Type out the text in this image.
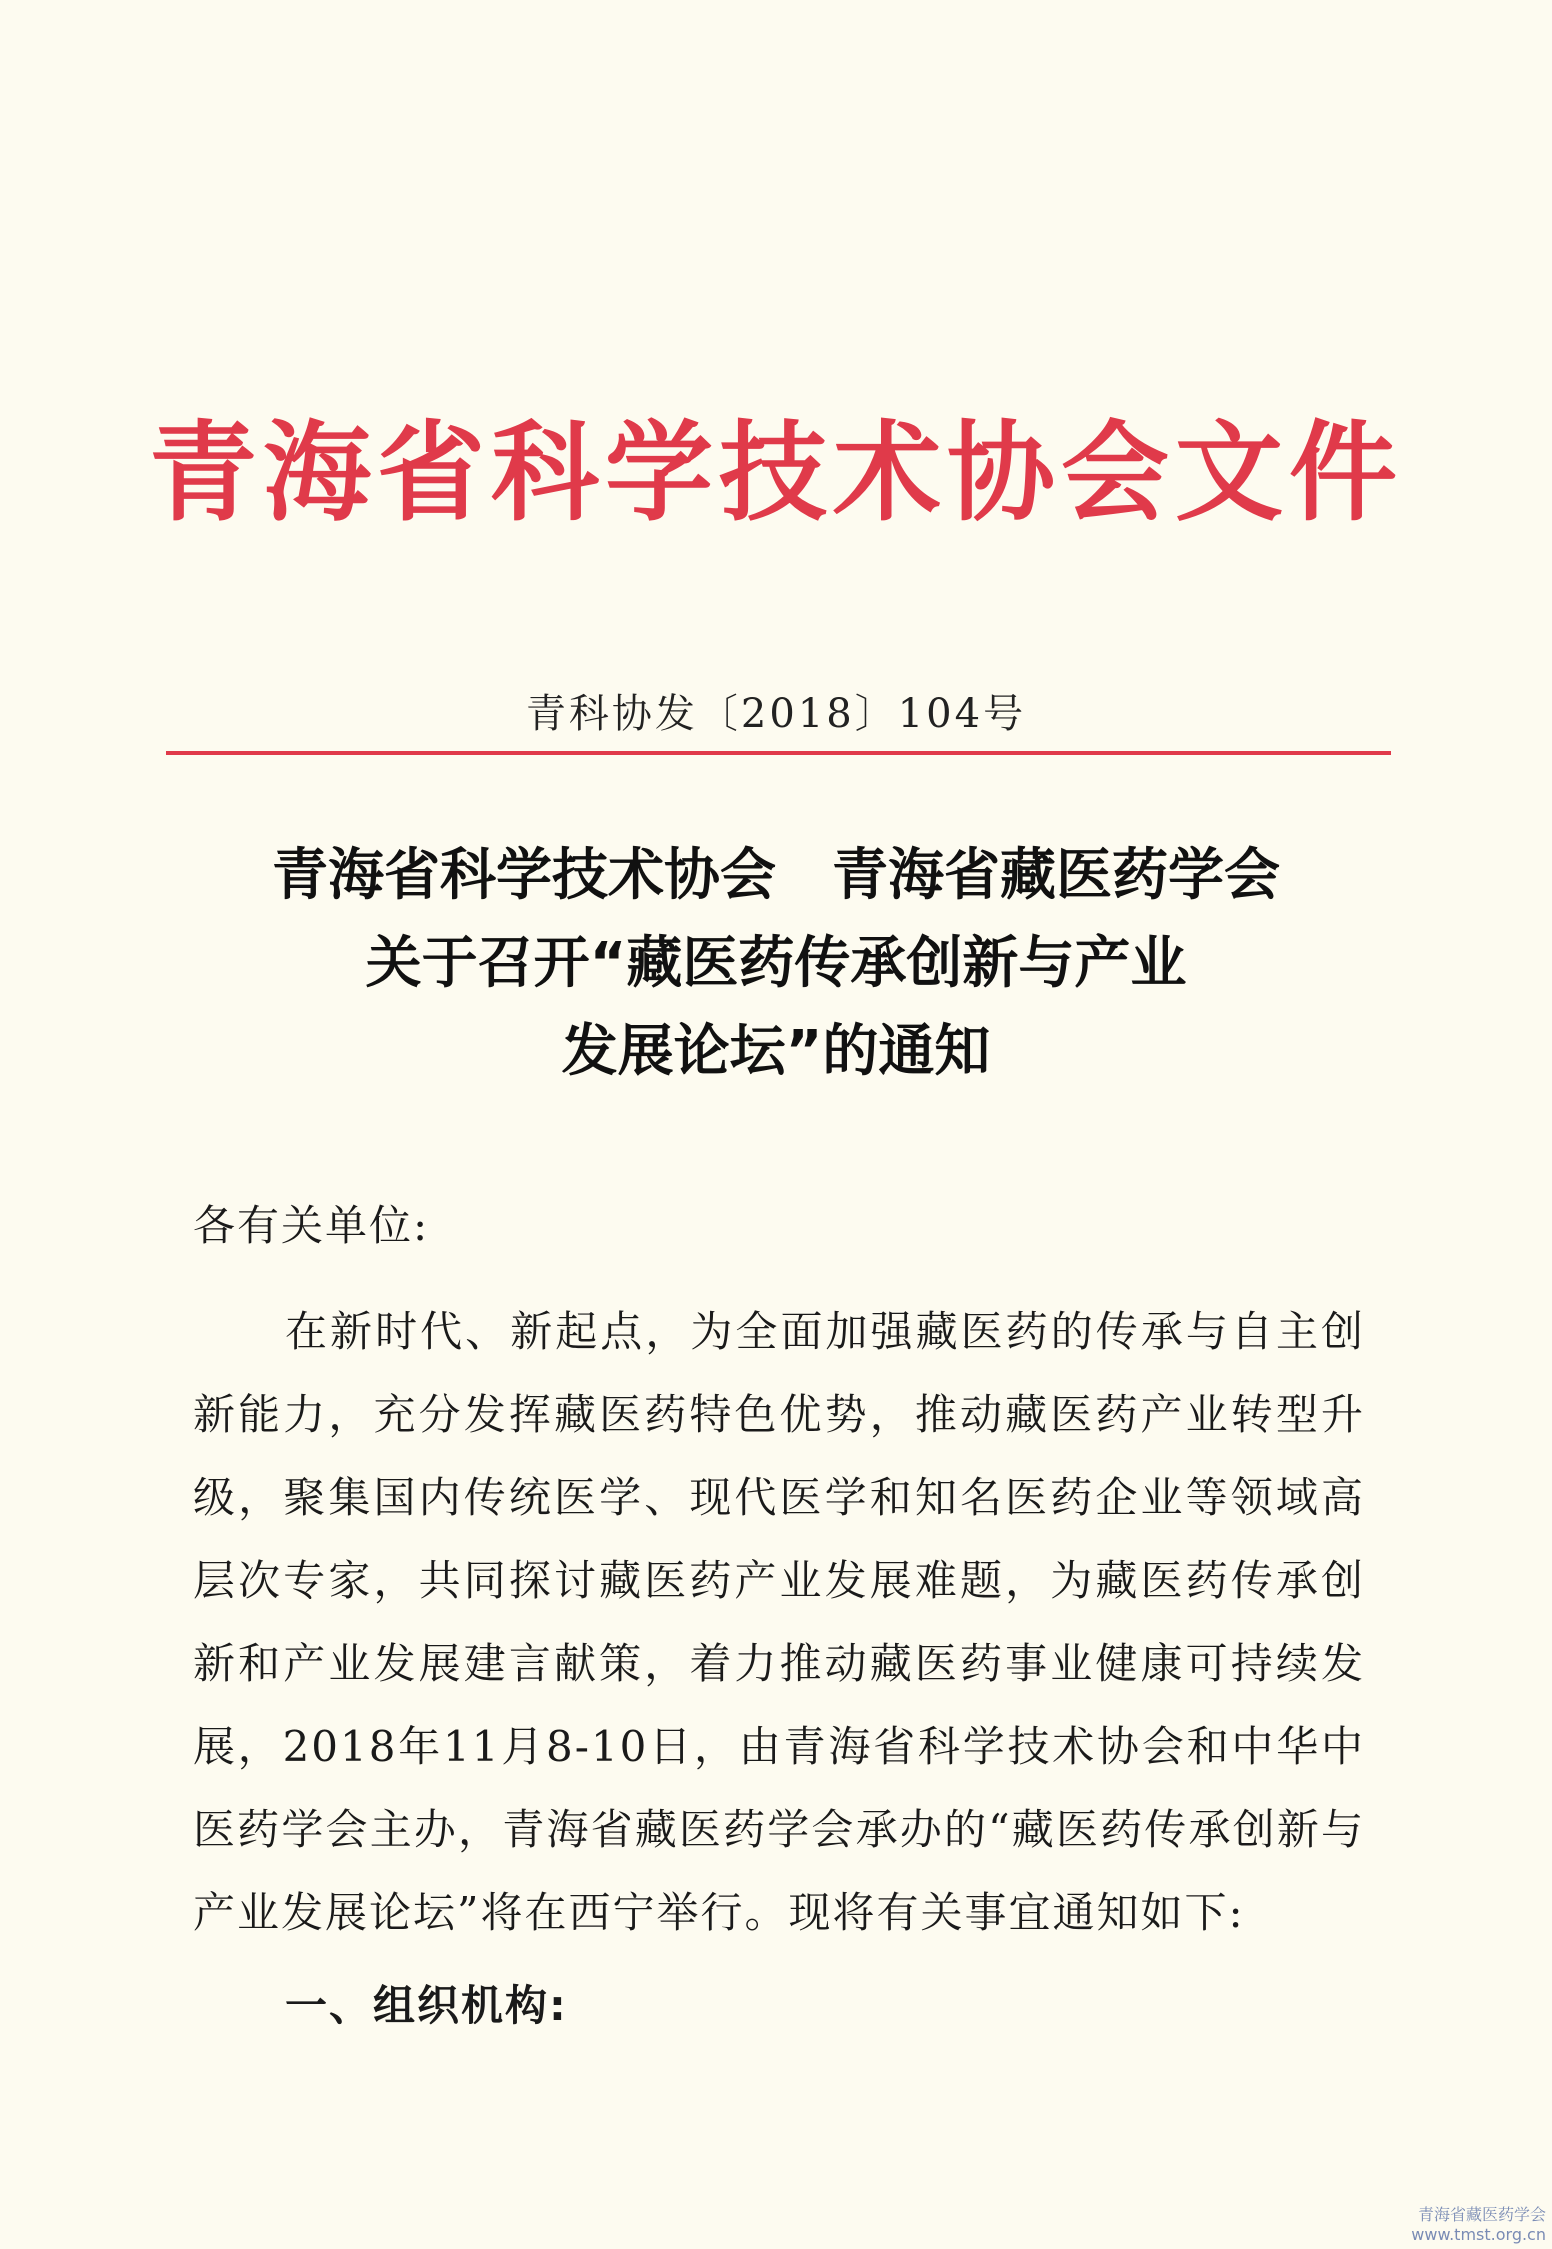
青海省科学技术协会文件
青科协发〔2018〕104号
青海省科学技术协会　青海省藏医药学会
关于召开“藏医药传承创新与产业
发展论坛”的通知
各有关单位:

在新时代、新起点，为全面加强藏医药的传承与自主创新能力，充分发挥藏医药特色优势，推动藏医药产业转型升级，聚集国内传统医学、现代医学和知名医药企业等领域高层次专家，共同探讨藏医药产业发展难题，为藏医药传承创新和产业发展建言献策，着力推动藏医药事业健康可持续发展，2018年11月8-10日，由青海省科学技术协会和中华中医药学会主办，青海省藏医药学会承办的“藏医药传承创新与产业发展论坛”将在西宁举行。现将有关事宜通知如下:

一、组织机构:
青海省藏医药学会
www.tmst.org.cn
